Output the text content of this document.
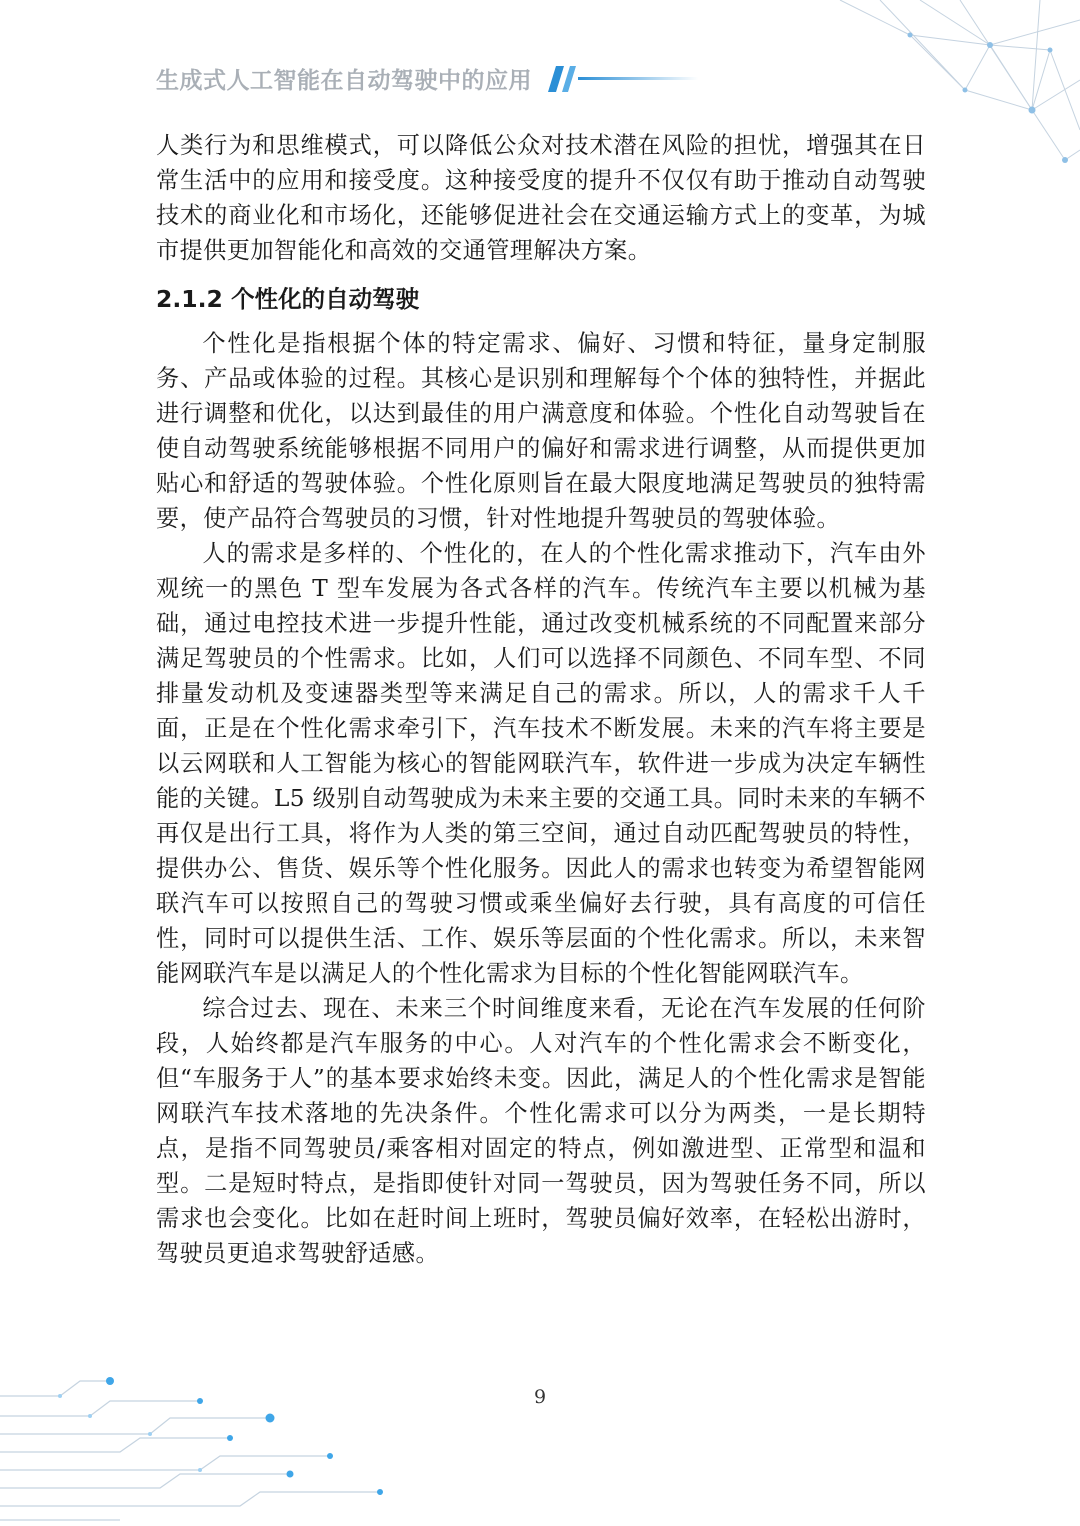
生成式人工智能在自动驾驶中的应用

人类行为和思维模式，可以降低公众对技术潜在风险的担忧，增强其在日常生活中的应用和接受度。这种接受度的提升不仅仅有助于推动自动驾驶技术的商业化和市场化，还能够促进社会在交通运输方式上的变革，为城市提供更加智能化和高效的交通管理解决方案。

2.1.2 个性化的自动驾驶

个性化是指根据个体的特定需求、偏好、习惯和特征，量身定制服务、产品或体验的过程。其核心是识别和理解每个个体的独特性，并据此进行调整和优化，以达到最佳的用户满意度和体验。个性化自动驾驶旨在使自动驾驶系统能够根据不同用户的偏好和需求进行调整，从而提供更加贴心和舒适的驾驶体验。个性化原则旨在最大限度地满足驾驶员的独特需要，使产品符合驾驶员的习惯，针对性地提升驾驶员的驾驶体验。

人的需求是多样的、个性化的，在人的个性化需求推动下，汽车由外观统一的黑色 T 型车发展为各式各样的汽车。传统汽车主要以机械为基础，通过电控技术进一步提升性能，通过改变机械系统的不同配置来部分满足驾驶员的个性需求。比如，人们可以选择不同颜色、不同车型、不同排量发动机及变速器类型等来满足自己的需求。所以，人的需求千人千面，正是在个性化需求牵引下，汽车技术不断发展。未来的汽车将主要是以云网联和人工智能为核心的智能网联汽车，软件进一步成为决定车辆性能的关键。L5 级别自动驾驶成为未来主要的交通工具。同时未来的车辆不再仅是出行工具，将作为人类的第三空间，通过自动匹配驾驶员的特性，提供办公、售货、娱乐等个性化服务。因此人的需求也转变为希望智能网联汽车可以按照自己的驾驶习惯或乘坐偏好去行驶，具有高度的可信任性，同时可以提供生活、工作、娱乐等层面的个性化需求。所以，未来智能网联汽车是以满足人的个性化需求为目标的个性化智能网联汽车。

综合过去、现在、未来三个时间维度来看，无论在汽车发展的任何阶段，人始终都是汽车服务的中心。人对汽车的个性化需求会不断变化，但“车服务于人”的基本要求始终未变。因此，满足人的个性化需求是智能网联汽车技术落地的先决条件。个性化需求可以分为两类，一是长期特点，是指不同驾驶员/乘客相对固定的特点，例如激进型、正常型和温和型。二是短时特点，是指即使针对同一驾驶员，因为驾驶任务不同，所以需求也会变化。比如在赶时间上班时，驾驶员偏好效率，在轻松出游时，驾驶员更追求驾驶舒适感。

9
